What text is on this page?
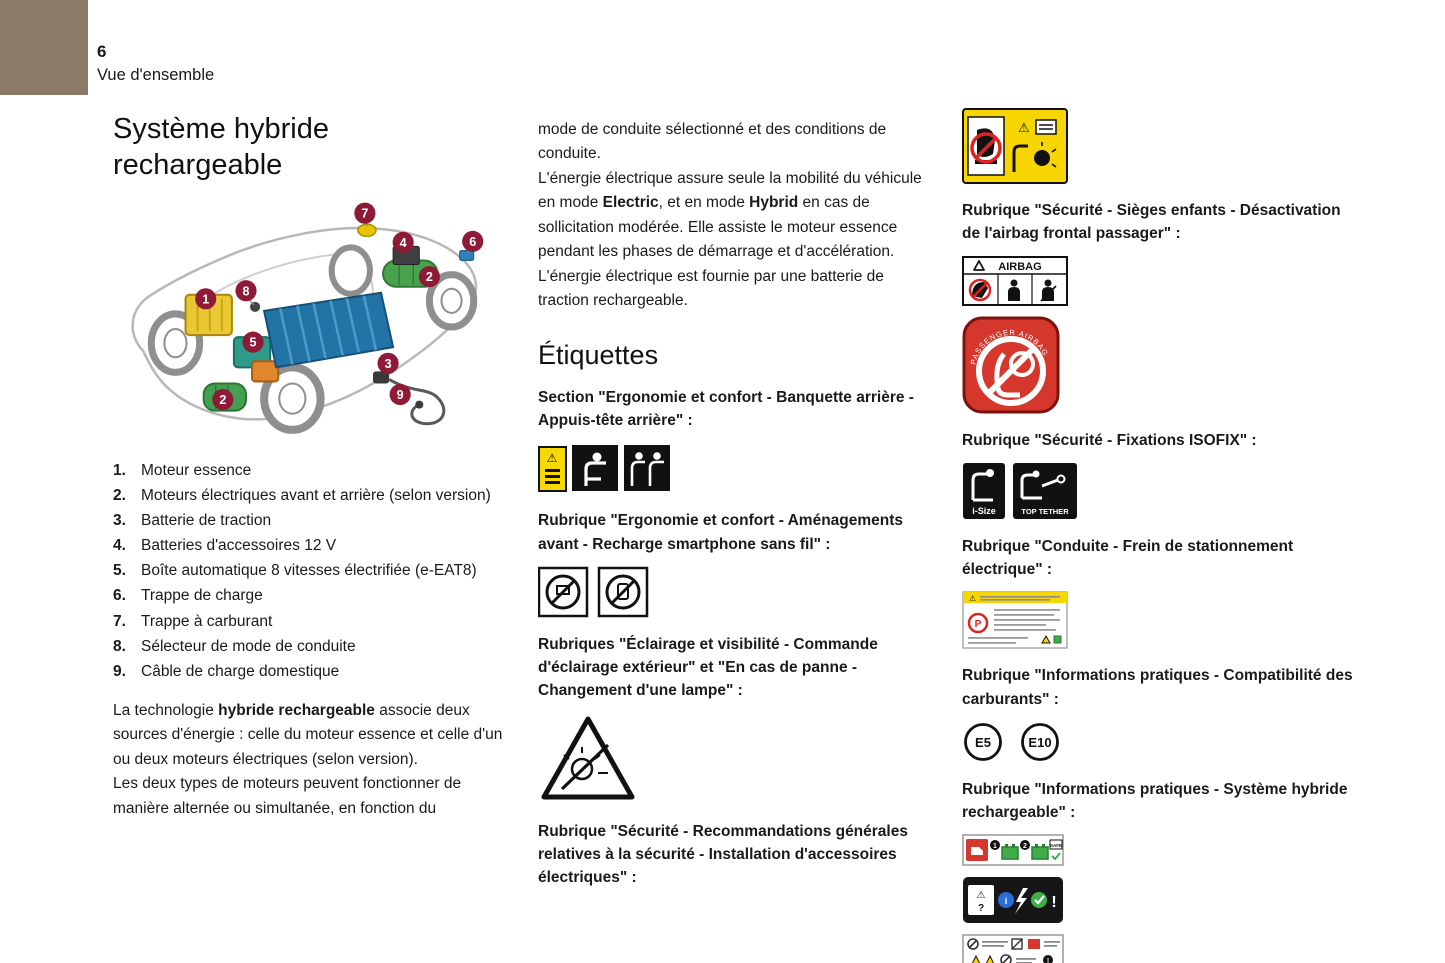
6
Vue d'ensemble
Système hybride rechargeable
1
8
7
4	6
2
5
3
2	9
1. Moteur essence
2. Moteurs électriques avant et arrière (selon version)
3. Batterie de traction
4. Batteries d'accessoires 12 V
5. Boîte automatique 8 vitesses électrifiée (e-EAT8)
6. Trappe de charge
7. Trappe à carburant
8. Sélecteur de mode de conduite
9. Câble de charge domestique

La technologie hybride rechargeable associe deux sources d'énergie : celle du moteur essence et celle d'un ou deux moteurs électriques (selon version).

Les deux types de moteurs peuvent fonctionner de manière alternée ou simultanée, en fonction du

mode de conduite sélectionné et des conditions de conduite.

L'énergie électrique assure seule la mobilité du véhicule en mode Electric, et en mode Hybrid en cas de sollicitation modérée. Elle assiste le moteur essence pendant les phases de démarrage et d'accélération.

L'énergie électrique est fournie par une batterie de traction rechargeable.

Étiquettes
Section "Ergonomie et confort - Banquette arrière - Appuis-tête arrière" :
⚠
Rubrique "Ergonomie et confort - Aménagements avant - Recharge smartphone sans fil" :
Rubriques "Éclairage et visibilité - Commande d'éclairage extérieur" et "En cas de panne - Changement d'une lampe" :
Rubrique "Sécurité - Recommandations générales relatives à la sécurité - Installation d'accessoires électriques" :
⚠
Rubrique "Sécurité - Sièges enfants - Désactivation de l'airbag frontal passager" :
AIRBAG
PASSENGER AIRBAG
Rubrique "Sécurité - Fixations ISOFIX" :
i-Size	TOP TETHER
Rubrique "Conduite - Frein de stationnement électrique" :
⚠
P
Rubrique "Informations pratiques - Compatibilité des carburants" :
E5	E10
Rubrique "Informations pratiques - Système hybride rechargeable" :
1	2	SAFE
⚠
?
i	!
!
